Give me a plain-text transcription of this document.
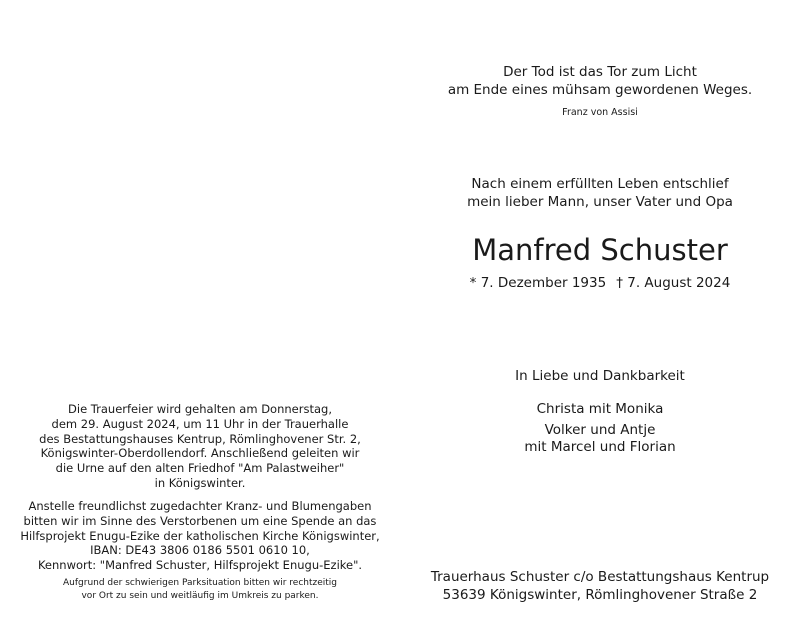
Der Tod ist das Tor zum Licht
am Ende eines mühsam gewordenen Weges.
Franz von Assisi
Nach einem erfüllten Leben entschlief
mein lieber Mann, unser Vater und Opa
Manfred Schuster
* 7. Dezember 1935 † 7. August 2024
In Liebe und Dankbarkeit
Christa mit Monika
Volker und Antje
mit Marcel und Florian
Trauerhaus Schuster c/o Bestattungshaus Kentrup
53639 Königswinter, Römlinghovener Straße 2
Die Trauerfeier wird gehalten am Donnerstag,
dem 29. August 2024, um 11 Uhr in der Trauerhalle
des Bestattungshauses Kentrup, Römlinghovener Str. 2,
Königswinter-Oberdollendorf. Anschließend geleiten wir
die Urne auf den alten Friedhof "Am Palastweiher"
in Königswinter.
Anstelle freundlichst zugedachter Kranz- und Blumengaben
bitten wir im Sinne des Verstorbenen um eine Spende an das
Hilfsprojekt Enugu-Ezike der katholischen Kirche Königswinter,
IBAN: DE43 3806 0186 5501 0610 10,
Kennwort: "Manfred Schuster, Hilfsprojekt Enugu-Ezike".
Aufgrund der schwierigen Parksituation bitten wir rechtzeitig
vor Ort zu sein und weitläufig im Umkreis zu parken.
